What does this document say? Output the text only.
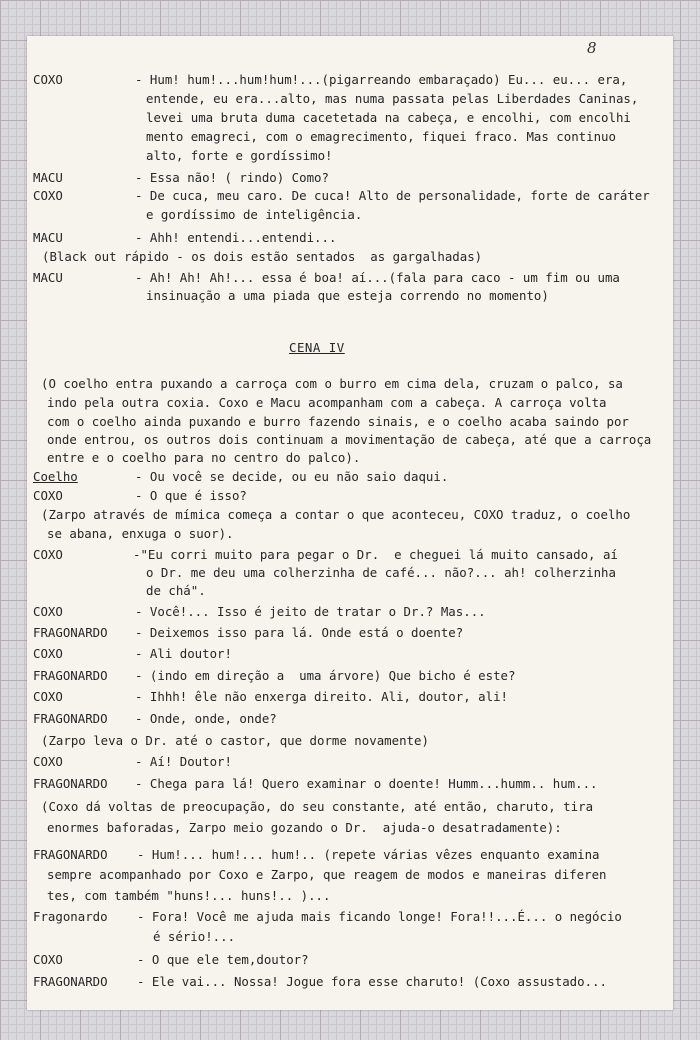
8
CENA IV
COXO	- Hum! hum!...hum!hum!...(pigarreando embaraçado) Eu... eu... era,
entende, eu era...alto, mas numa passata pelas Liberdades Caninas,
levei uma bruta duma cacetetada na cabeça, e encolhi, com encolhi
mento emagreci, com o emagrecimento, fiquei fraco. Mas continuo
alto, forte e gordíssimo!
MACU	- Essa não! ( rindo) Como?
COXO	- De cuca, meu caro. De cuca! Alto de personalidade, forte de caráter
e gordíssimo de inteligência.
MACU	- Ahh! entendi...entendi...
(Black out rápido - os dois estão sentados  as gargalhadas)
MACU	- Ah! Ah! Ah!... essa é boa! aí...(fala para caco - um fim ou uma
insinuação a uma piada que esteja correndo no momento)
(O coelho entra puxando a carroça com o burro em cima dela, cruzam o palco, sa
indo pela outra coxia. Coxo e Macu acompanham com a cabeça. A carroça volta
com o coelho ainda puxando e burro fazendo sinais, e o coelho acaba saindo por
onde entrou, os outros dois continuam a movimentação de cabeça, até que a carroça
entre e o coelho para no centro do palco).
Coelho	- Ou você se decide, ou eu não saio daqui.
COXO	- O que é isso?
(Zarpo através de mímica começa a contar o que aconteceu, COXO traduz, o coelho
se abana, enxuga o suor).
COXO	-"Eu corri muito para pegar o Dr.  e cheguei lá muito cansado, aí
o Dr. me deu uma colherzinha de café... não?... ah! colherzinha
de chá".
COXO	- Você!... Isso é jeito de tratar o Dr.? Mas...
FRAGONARDO - Deixemos isso para lá. Onde está o doente?
COXO	- Ali doutor!
FRAGONARDO - (indo em direção a  uma árvore) Que bicho é este?
COXO	- Ihhh! êle não enxerga direito. Ali, doutor, ali!
FRAGONARDO - Onde, onde, onde?
(Zarpo leva o Dr. até o castor, que dorme novamente)
COXO	- Aí! Doutor!
FRAGONARDO - Chega para lá! Quero examinar o doente! Humm...humm.. hum...
(Coxo dá voltas de preocupação, do seu constante, até então, charuto, tira
enormes baforadas, Zarpo meio gozando o Dr.  ajuda-o desatradamente):
FRAGONARDO - Hum!... hum!... hum!.. (repete várias vêzes enquanto examina
sempre acompanhado por Coxo e Zarpo, que reagem de modos e maneiras diferen
tes, com também "huns!... huns!.. )...
Fragonardo - Fora! Você me ajuda mais ficando longe! Fora!!...É... o negócio
é sério!...
COXO	- O que ele tem,doutor?
FRAGONARDO - Ele vai... Nossa! Jogue fora esse charuto! (Coxo assustado...
